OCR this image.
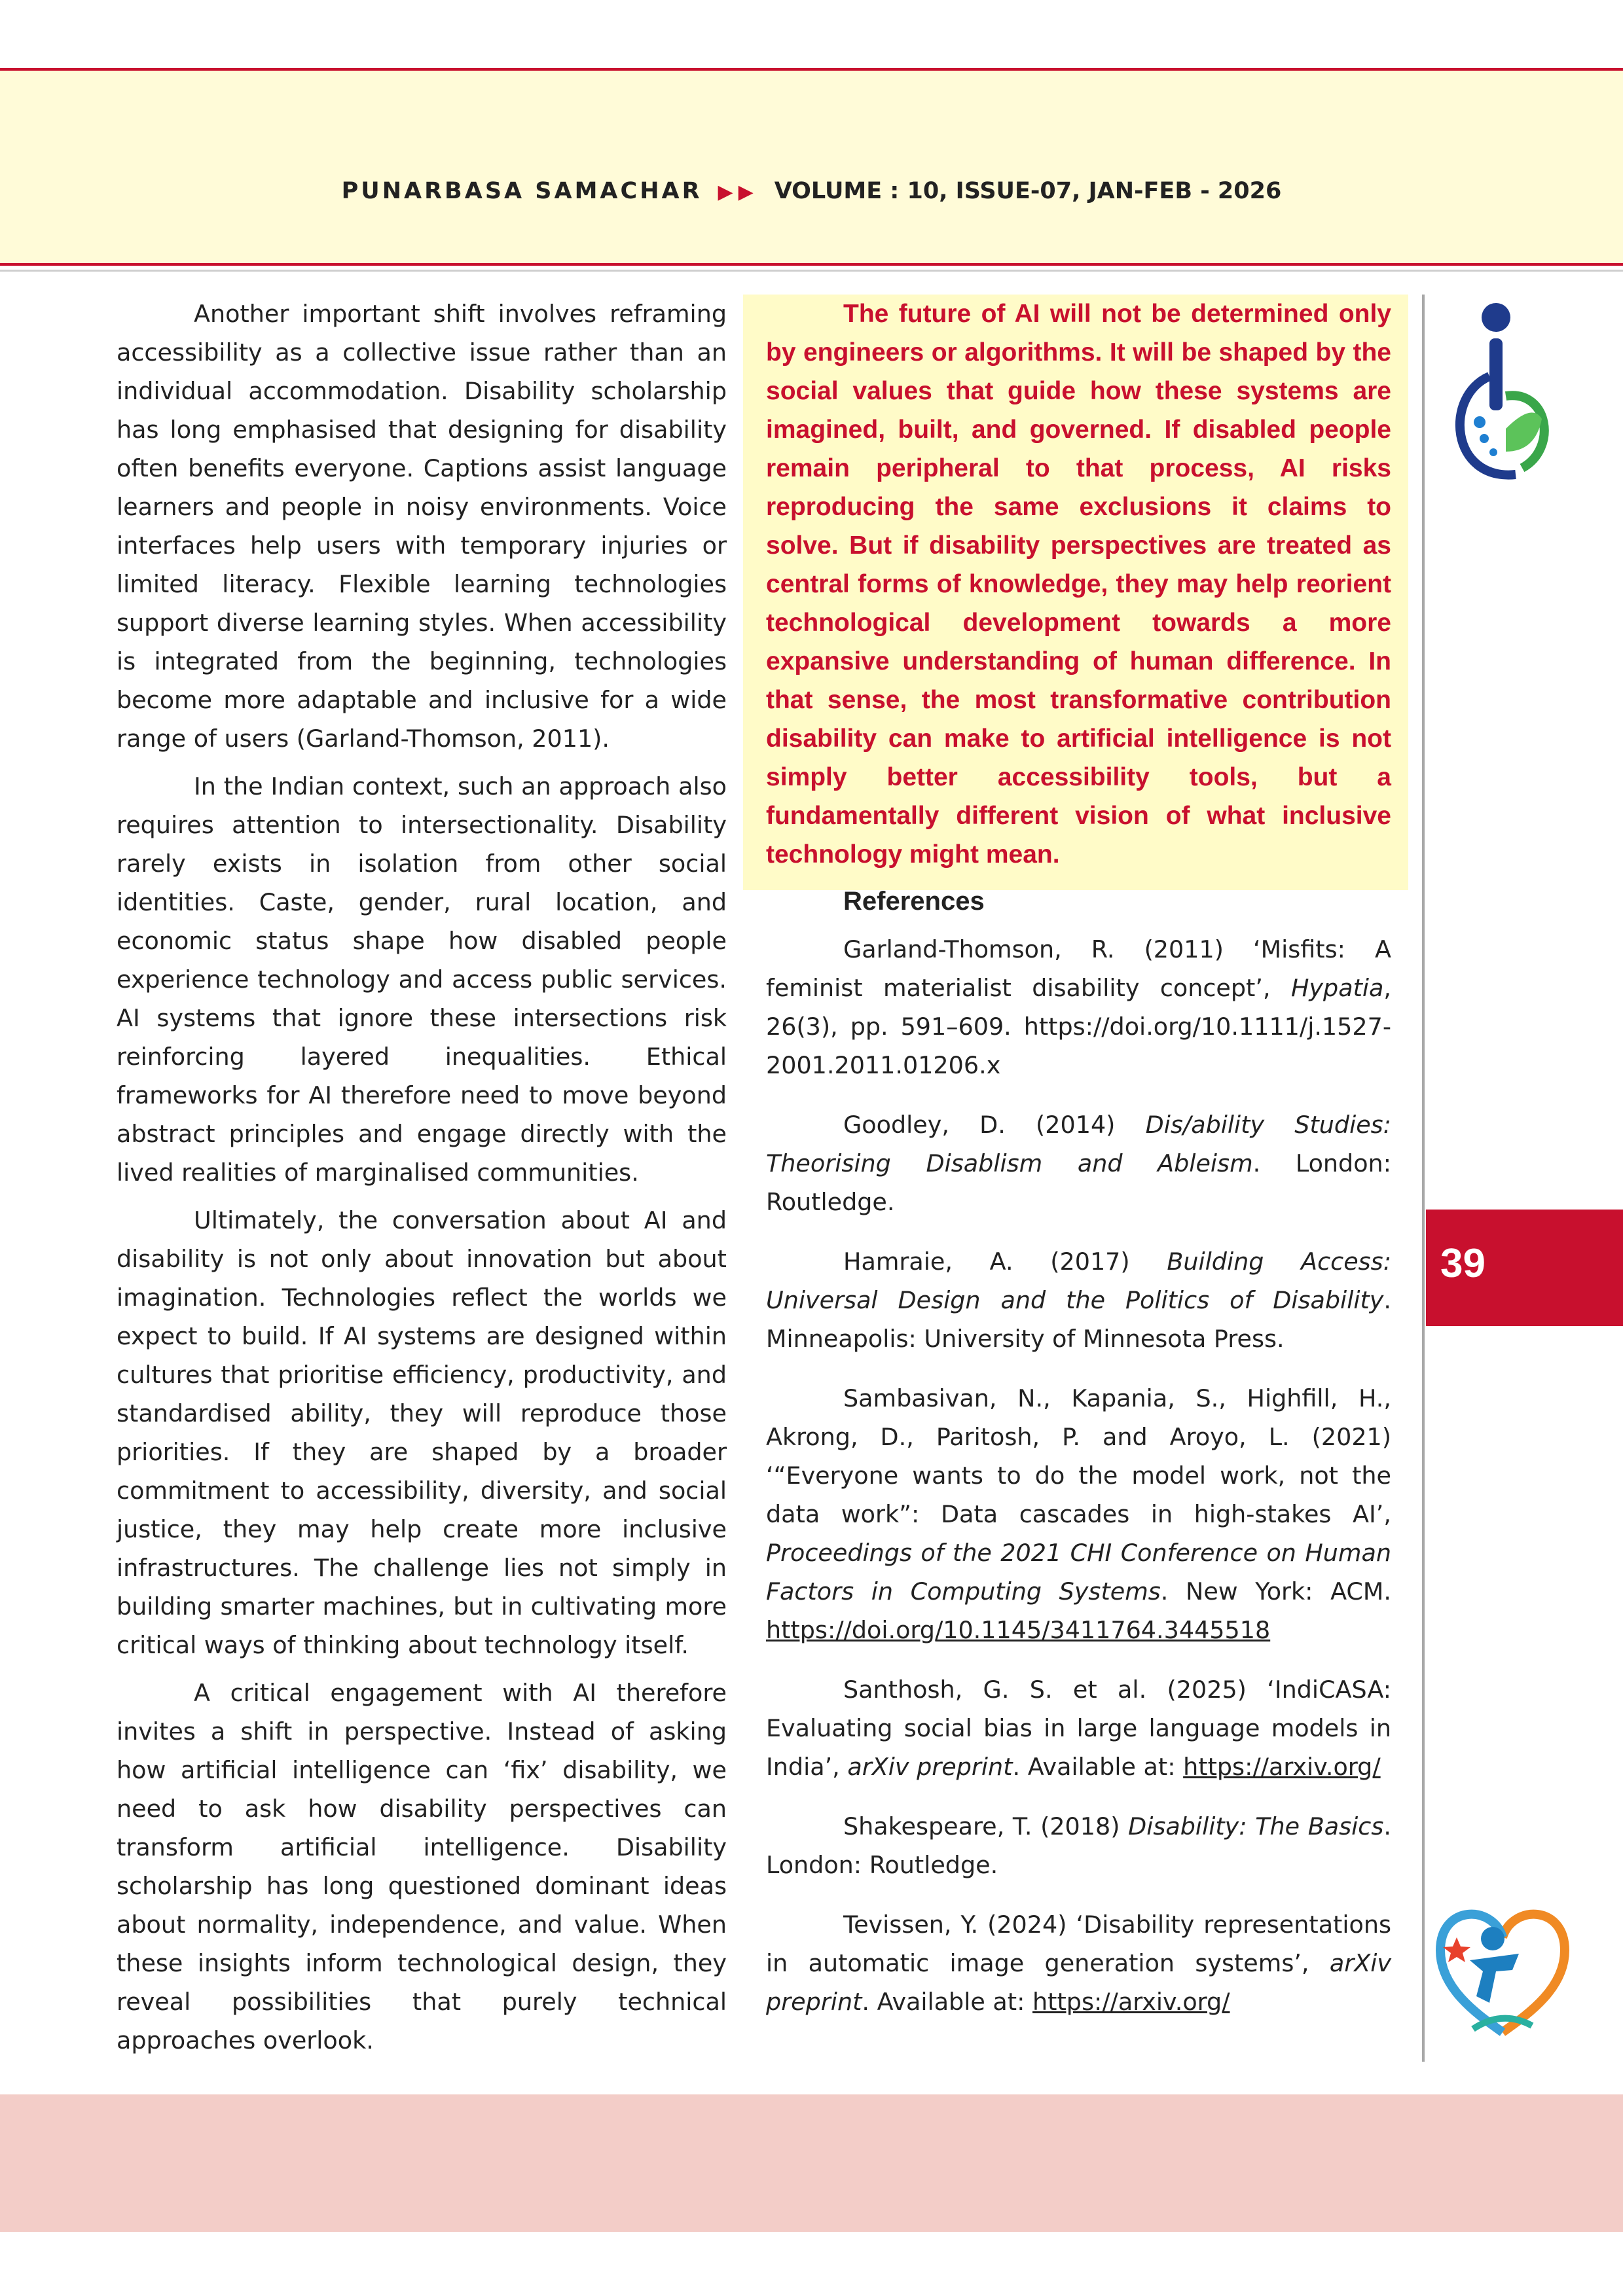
PUNARBASA SAMACHAR ▶▶ VOLUME : 10, ISSUE-07, JAN-FEB - 2026

Another important shift involves reframing accessibility as a collective issue rather than an individual accommodation. Disability scholarship has long emphasised that designing for disability often benefits everyone. Captions assist language learners and people in noisy environments. Voice interfaces help users with temporary injuries or limited literacy. Flexible learning technologies support diverse learning styles. When accessibility is integrated from the beginning, technologies become more adaptable and inclusive for a wide range of users (Garland-Thomson, 2011).

In the Indian context, such an approach also requires attention to intersectionality. Disability rarely exists in isolation from other social identities. Caste, gender, rural location, and economic status shape how disabled people experience technology and access public services. AI systems that ignore these intersections risk reinforcing layered inequalities. Ethical frameworks for AI therefore need to move beyond abstract principles and engage directly with the lived realities of marginalised communities.

Ultimately, the conversation about AI and disability is not only about innovation but about imagination. Technologies reflect the worlds we expect to build. If AI systems are designed within cultures that prioritise efficiency, productivity, and standardised ability, they will reproduce those priorities. If they are shaped by a broader commitment to accessibility, diversity, and social justice, they may help create more inclusive infrastructures. The challenge lies not simply in building smarter machines, but in cultivating more critical ways of thinking about technology itself.

A critical engagement with AI therefore invites a shift in perspective. Instead of asking how artificial intelligence can ‘fix’ disability, we need to ask how disability perspectives can transform artificial intelligence. Disability scholarship has long questioned dominant ideas about normality, independence, and value. When these insights inform technological design, they reveal possibilities that purely technical approaches overlook.

The future of AI will not be determined only by engineers or algorithms. It will be shaped by the social values that guide how these systems are imagined, built, and governed. If disabled people remain peripheral to that process, AI risks reproducing the same exclusions it claims to solve. But if disability perspectives are treated as central forms of knowledge, they may help reorient technological development towards a more expansive understanding of human difference. In that sense, the most transformative contribution disability can make to artificial intelligence is not simply better accessibility tools, but a fundamentally different vision of what inclusive technology might mean.

References

Garland-Thomson, R. (2011) ‘Misfits: A feminist materialist disability concept’, Hypatia, 26(3), pp. 591–609. https://doi.org/10.1111/j.1527-2001.2011.01206.x

Goodley, D. (2014) Dis/ability Studies: Theorising Disablism and Ableism. London: Routledge.

Hamraie, A. (2017) Building Access: Universal Design and the Politics of Disability. Minneapolis: University of Minnesota Press.

Sambasivan, N., Kapania, S., Highfill, H., Akrong, D., Paritosh, P. and Aroyo, L. (2021) ‘“Everyone wants to do the model work, not the data work”: Data cascades in high-stakes AI’, Proceedings of the 2021 CHI Conference on Human Factors in Computing Systems. New York: ACM. https://doi.org/10.1145/3411764.3445518

Santhosh, G. S. et al. (2025) ‘IndiCASA: Evaluating social bias in large language models in India’, arXiv preprint. Available at: https://arxiv.org/

Shakespeare, T. (2018) Disability: The Basics. London: Routledge.

Tevissen, Y. (2024) ‘Disability representations in automatic image generation systems’, arXiv preprint. Available at: https://arxiv.org/

39
